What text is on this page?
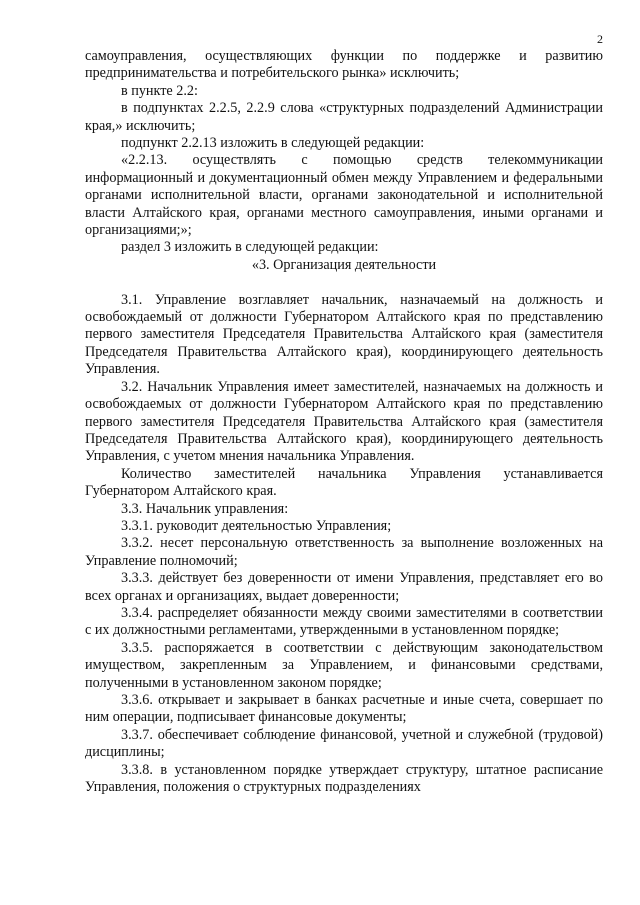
2

самоуправления, осуществляющих функции по поддержке и развитию предпринимательства и потребительского рынка» исключить;

в пункте 2.2:

в подпунктах 2.2.5, 2.2.9 слова «структурных подразделений Администрации края,» исключить;

подпункт 2.2.13 изложить в следующей редакции:

«2.2.13. осуществлять с помощью средств телекоммуникации информационный и документационный обмен между Управлением и федеральными органами исполнительной власти, органами законодательной и исполнительной власти Алтайского края, органами местного самоуправления, иными органами и организациями;»;

раздел 3 изложить в следующей редакции:

«3. Организация деятельности

3.1. Управление возглавляет начальник, назначаемый на должность и освобождаемый от должности Губернатором Алтайского края по представлению первого заместителя Председателя Правительства Алтайского края (заместителя Председателя Правительства Алтайского края), координирующего деятельность Управления.

3.2. Начальник Управления имеет заместителей, назначаемых на должность и освобождаемых от должности Губернатором Алтайского края по представлению первого заместителя Председателя Правительства Алтайского края (заместителя Председателя Правительства Алтайского края), координирующего деятельность Управления, с учетом мнения начальника Управления.

Количество заместителей начальника Управления устанавливается Губернатором Алтайского края.

3.3. Начальник управления:

3.3.1. руководит деятельностью Управления;

3.3.2. несет персональную ответственность за выполнение возложенных на Управление полномочий;

3.3.3. действует без доверенности от имени Управления, представляет его во всех органах и организациях, выдает доверенности;

3.3.4. распределяет обязанности между своими заместителями в соответствии с их должностными регламентами, утвержденными в установленном порядке;

3.3.5. распоряжается в соответствии с действующим законодательством имуществом, закрепленным за Управлением, и финансовыми средствами, полученными в установленном законом порядке;

3.3.6. открывает и закрывает в банках расчетные и иные счета, совершает по ним операции, подписывает финансовые документы;

3.3.7. обеспечивает соблюдение финансовой, учетной и служебной (трудовой) дисциплины;

3.3.8. в установленном порядке утверждает структуру, штатное расписание Управления, положения о структурных подразделениях
